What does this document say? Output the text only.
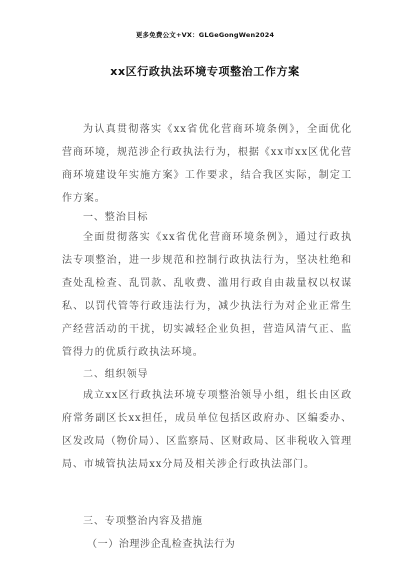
更多免费公文+VX：GLGeGongWen2024
xx区行政执法环境专项整治工作方案
为认真贯彻落实《xx省优化营商环境条例》，全面优化营商环境，规范涉企行政执法行为，根据《xx市xx区优化营商环境建设年实施方案》工作要求，结合我区实际，制定工作方案。
一、整治目标
全面贯彻落实《xx省优化营商环境条例》，通过行政执法专项整治，进一步规范和控制行政执法行为，坚决杜绝和查处乱检查、乱罚款、乱收费、滥用行政自由裁量权以权谋私、以罚代管等行政违法行为，减少执法行为对企业正常生产经营活动的干扰，切实减轻企业负担，营造风清气正、监管得力的优质行政执法环境。
二、组织领导
成立xx区行政执法环境专项整治领导小组，组长由区政府常务副区长xx担任，成员单位包括区政府办、区编委办、区发改局（物价局）、区监察局、区财政局、区非税收入管理局、市城管执法局xx分局及相关涉企行政执法部门。
三、专项整治内容及措施
（一）治理涉企乱检查执法行为
